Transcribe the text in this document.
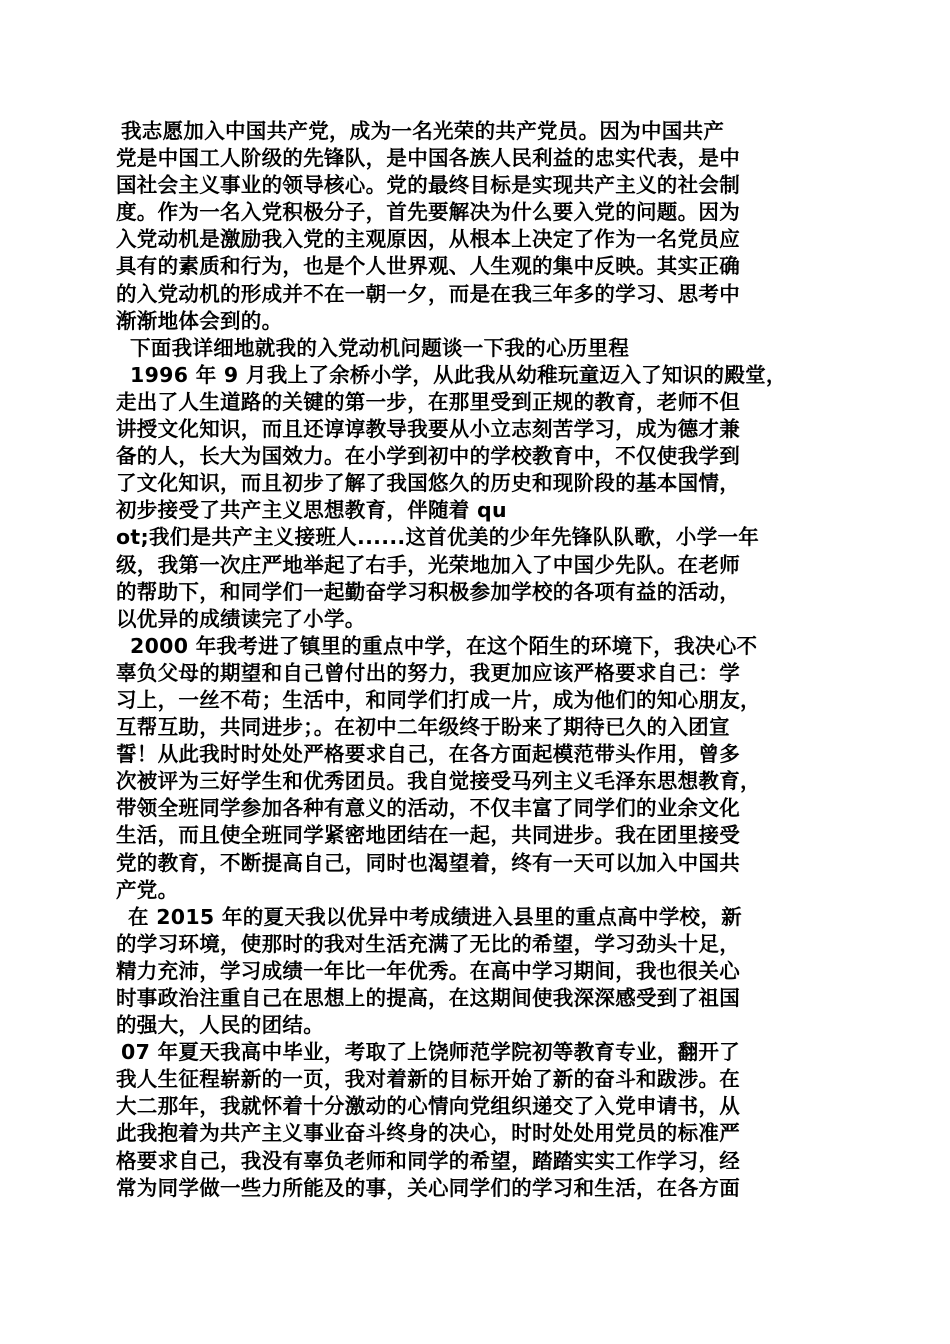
我志愿加入中国共产党，成为一名光荣的共产党员。因为中国共产
党是中国工人阶级的先锋队，是中国各族人民利益的忠实代表，是中
国社会主义事业的领导核心。党的最终目标是实现共产主义的社会制
度。作为一名入党积极分子，首先要解决为什么要入党的问题。因为
入党动机是激励我入党的主观原因，从根本上决定了作为一名党员应
具有的素质和行为，也是个人世界观、人生观的集中反映。其实正确
的入党动机的形成并不在一朝一夕，而是在我三年多的学习、思考中
渐渐地体会到的。
下面我详细地就我的入党动机问题谈一下我的心历里程
1996 年 9 月我上了余桥小学，从此我从幼稚玩童迈入了知识的殿堂，
走出了人生道路的关键的第一步，在那里受到正规的教育，老师不但
讲授文化知识，而且还谆谆教导我要从小立志刻苦学习，成为德才兼
备的人，长大为国效力。在小学到初中的学校教育中，不仅使我学到
了文化知识，而且初步了解了我国悠久的历史和现阶段的基本国情，
初步接受了共产主义思想教育，伴随着 qu
ot;我们是共产主义接班人......这首优美的少年先锋队队歌，小学一年
级，我第一次庄严地举起了右手，光荣地加入了中国少先队。在老师
的帮助下，和同学们一起勤奋学习积极参加学校的各项有益的活动，
以优异的成绩读完了小学。
2000 年我考进了镇里的重点中学，在这个陌生的环境下，我决心不
辜负父母的期望和自己曾付出的努力，我更加应该严格要求自己：学
习上，一丝不苟；生活中，和同学们打成一片，成为他们的知心朋友，
互帮互助，共同进步；。在初中二年级终于盼来了期待已久的入团宣
誓！从此我时时处处严格要求自己，在各方面起模范带头作用，曾多
次被评为三好学生和优秀团员。我自觉接受马列主义毛泽东思想教育，
带领全班同学参加各种有意义的活动，不仅丰富了同学们的业余文化
生活，而且使全班同学紧密地团结在一起，共同进步。我在团里接受
党的教育，不断提高自己，同时也渴望着，终有一天可以加入中国共
产党。
在 2015 年的夏天我以优异中考成绩进入县里的重点高中学校，新
的学习环境，使那时的我对生活充满了无比的希望，学习劲头十足，
精力充沛，学习成绩一年比一年优秀。在高中学习期间，我也很关心
时事政治注重自己在思想上的提高，在这期间使我深深感受到了祖国
的强大，人民的团结。
07 年夏天我高中毕业，考取了上饶师范学院初等教育专业，翻开了
我人生征程崭新的一页，我对着新的目标开始了新的奋斗和跋涉。在
大二那年，我就怀着十分激动的心情向党组织递交了入党申请书，从
此我抱着为共产主义事业奋斗终身的决心，时时处处用党员的标准严
格要求自己，我没有辜负老师和同学的希望，踏踏实实工作学习，经
常为同学做一些力所能及的事，关心同学们的学习和生活，在各方面
